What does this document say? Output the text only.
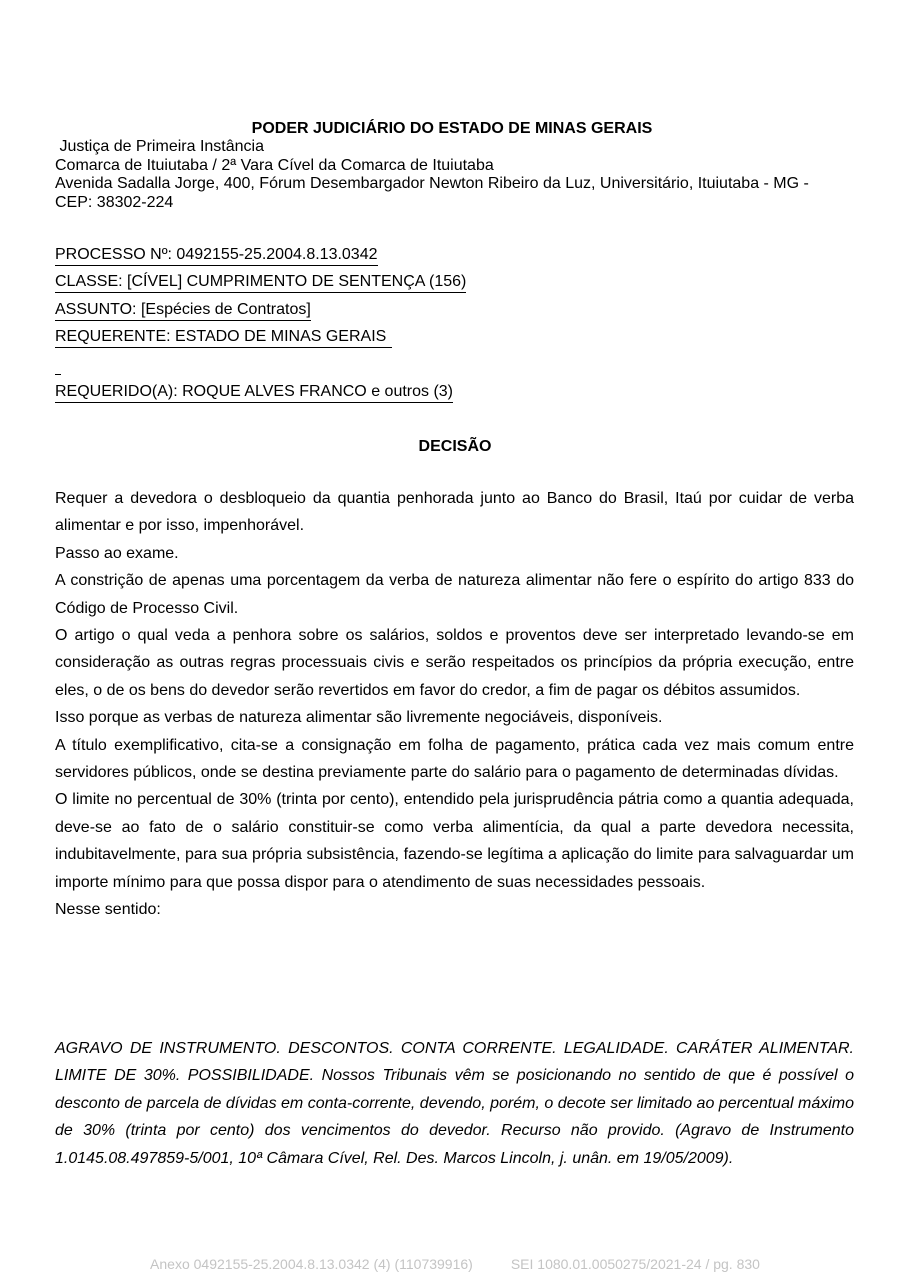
PODER JUDICIÁRIO DO ESTADO DE MINAS GERAIS
Justiça de Primeira Instância
Comarca de Ituiutaba / 2ª Vara Cível da Comarca de Ituiutaba
Avenida Sadalla Jorge, 400, Fórum Desembargador Newton Ribeiro da Luz, Universitário, Ituiutaba - MG -
CEP: 38302-224
PROCESSO Nº: 0492155-25.2004.8.13.0342
CLASSE: [CÍVEL] CUMPRIMENTO DE SENTENÇA (156)
ASSUNTO: [Espécies de Contratos]
REQUERENTE: ESTADO DE MINAS GERAIS
REQUERIDO(A): ROQUE ALVES FRANCO e outros (3)
DECISÃO

Requer a devedora o desbloqueio da quantia penhorada junto ao Banco do Brasil, Itaú por cuidar de verba alimentar e por isso, impenhorável.

Passo ao exame.

A constrição de apenas uma porcentagem da verba de natureza alimentar não fere o espírito do artigo 833 do Código de Processo Civil.

O artigo o qual veda a penhora sobre os salários, soldos e proventos deve ser interpretado levando-se em consideração as outras regras processuais civis e serão respeitados os princípios da própria execução, entre eles, o de os bens do devedor serão revertidos em favor do credor, a fim de pagar os débitos assumidos.

Isso porque as verbas de natureza alimentar são livremente negociáveis, disponíveis.

A título exemplificativo, cita-se a consignação em folha de pagamento, prática cada vez mais comum entre servidores públicos, onde se destina previamente parte do salário para o pagamento de determinadas dívidas.

O limite no percentual de 30% (trinta por cento), entendido pela jurisprudência pátria como a quantia adequada, deve-se ao fato de o salário constituir-se como verba alimentícia, da qual a parte devedora necessita, indubitavelmente, para sua própria subsistência, fazendo-se legítima a aplicação do limite para salvaguardar um importe mínimo para que possa dispor para o atendimento de suas necessidades pessoais.

Nesse sentido:

AGRAVO DE INSTRUMENTO. DESCONTOS. CONTA CORRENTE. LEGALIDADE. CARÁTER ALIMENTAR. LIMITE DE 30%. POSSIBILIDADE. Nossos Tribunais vêm se posicionando no sentido de que é possível o desconto de parcela de dívidas em conta-corrente, devendo, porém, o decote ser limitado ao percentual máximo de 30% (trinta por cento) dos vencimentos do devedor. Recurso não provido. (Agravo de Instrumento 1.0145.08.497859-5/001, 10ª Câmara Cível, Rel. Des. Marcos Lincoln, j. unân. em 19/05/2009).
Anexo 0492155-25.2004.8.13.0342 (4) (110739916)	SEI 1080.01.0050275/2021-24 / pg. 830
